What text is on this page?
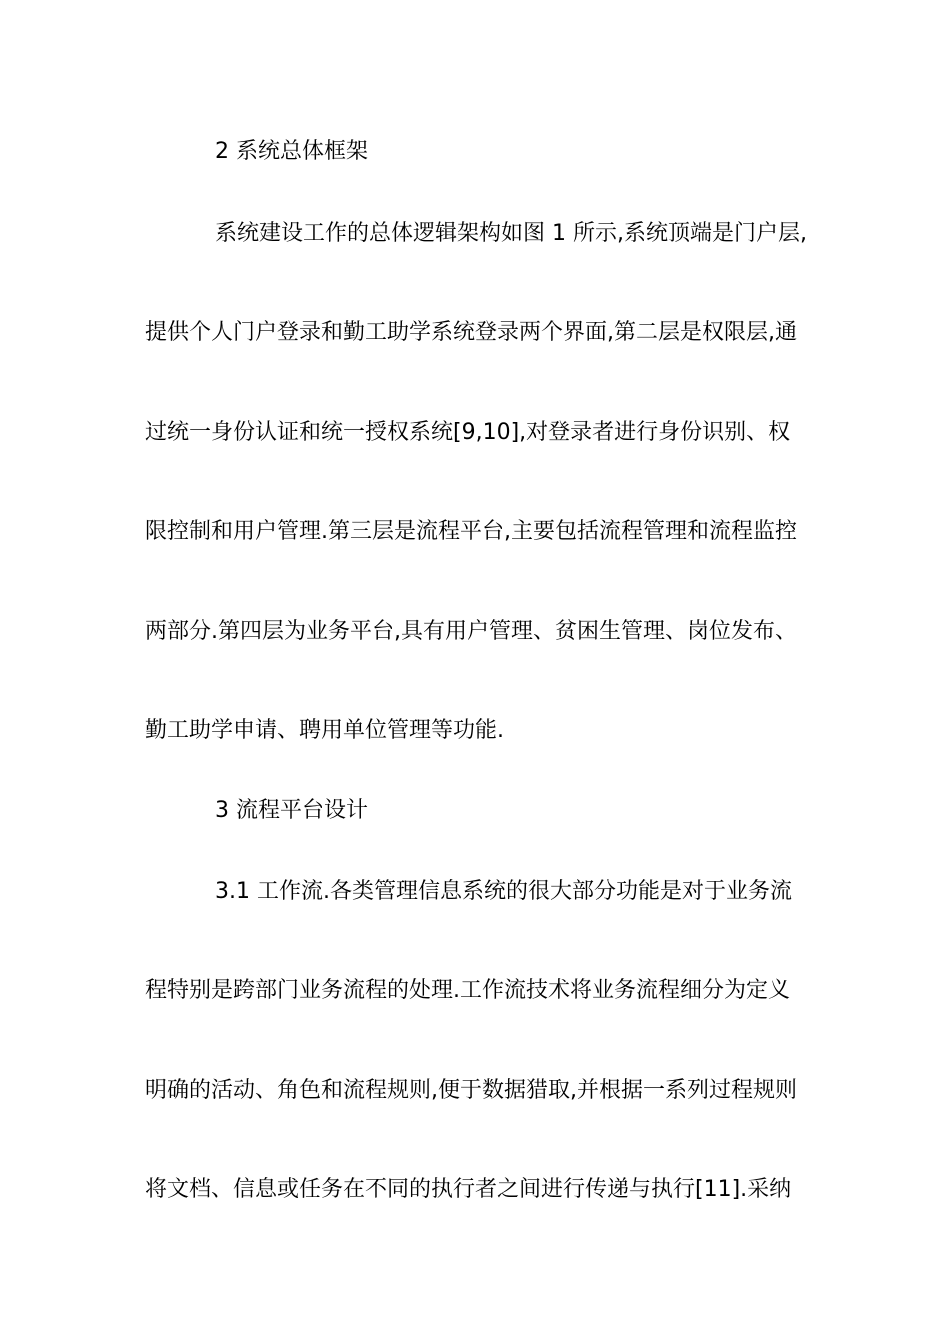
2 系统总体框架
系统建设工作的总体逻辑架构如图 1 所示,系统顶端是门户层,
提供个人门户登录和勤工助学系统登录两个界面,第二层是权限层,通
过统一身份认证和统一授权系统[9,10],对登录者进行身份识别、权
限控制和用户管理.第三层是流程平台,主要包括流程管理和流程监控
两部分.第四层为业务平台,具有用户管理、贫困生管理、岗位发布、
勤工助学申请、聘用单位管理等功能.
3 流程平台设计
3.1 工作流.各类管理信息系统的很大部分功能是对于业务流
程特别是跨部门业务流程的处理.工作流技术将业务流程细分为定义
明确的活动、角色和流程规则,便于数据猎取,并根据一系列过程规则
将文档、信息或任务在不同的执行者之间进行传递与执行[11].采纳
